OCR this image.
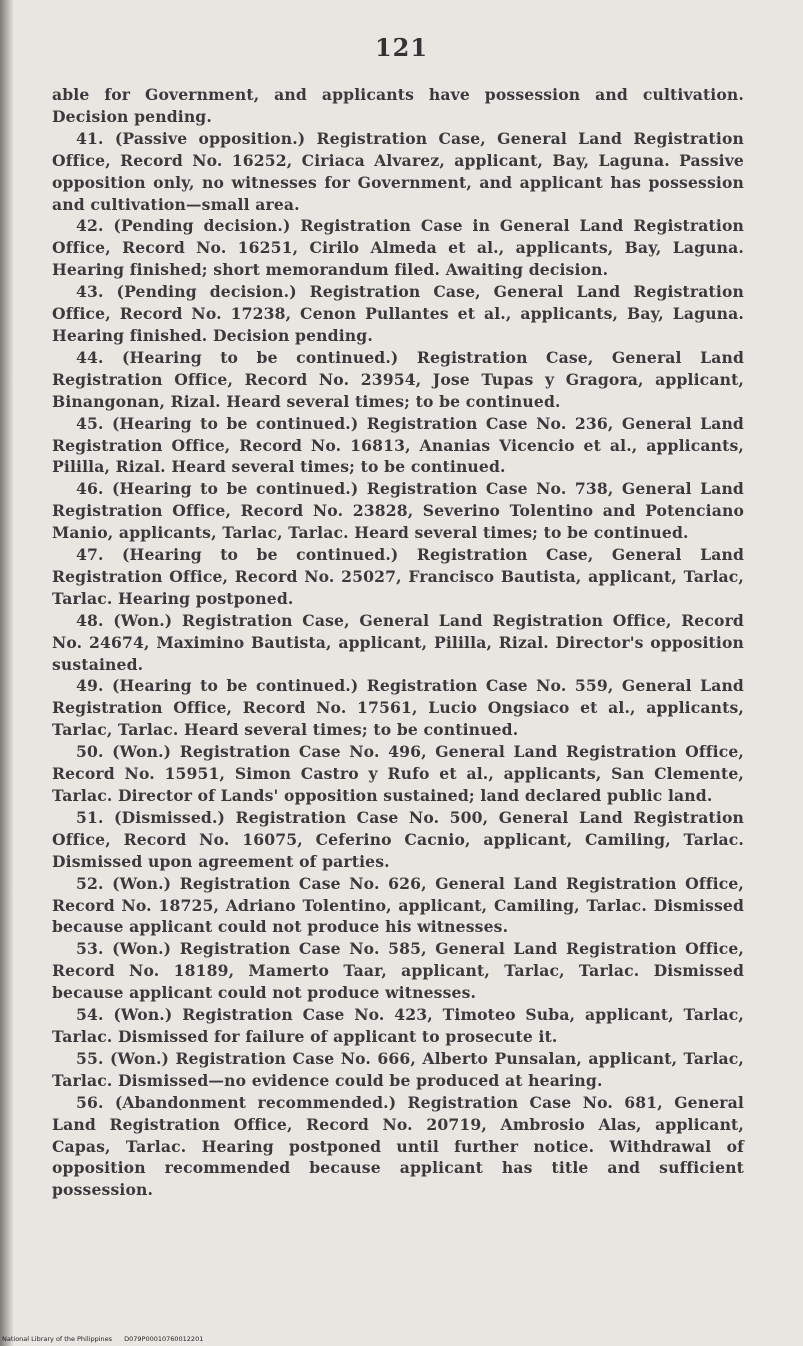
121

able for Government, and applicants have possession and cultivation. Decision pending.

41. (Passive opposition.) Registration Case, General Land Registration Office, Record No. 16252, Ciriaca Alvarez, applicant, Bay, Laguna. Passive opposition only, no witnesses for Government, and applicant has possession and cultivation—small area.

42. (Pending decision.) Registration Case in General Land Registration Office, Record No. 16251, Cirilo Almeda et al., applicants, Bay, Laguna. Hearing finished; short memorandum filed. Awaiting decision.

43. (Pending decision.) Registration Case, General Land Registration Office, Record No. 17238, Cenon Pullantes et al., applicants, Bay, Laguna. Hearing finished. Decision pending.

44. (Hearing to be continued.) Registration Case, General Land Registration Office, Record No. 23954, Jose Tupas y Gragora, applicant, Binangonan, Rizal. Heard several times; to be continued.

45. (Hearing to be continued.) Registration Case No. 236, General Land Registration Office, Record No. 16813, Ananias Vicencio et al., applicants, Pililla, Rizal. Heard several times; to be continued.

46. (Hearing to be continued.) Registration Case No. 738, General Land Registration Office, Record No. 23828, Severino Tolentino and Potenciano Manio, applicants, Tarlac, Tarlac. Heard several times; to be continued.

47. (Hearing to be continued.) Registration Case, General Land Registration Office, Record No. 25027, Francisco Bautista, applicant, Tarlac, Tarlac. Hearing postponed.

48. (Won.) Registration Case, General Land Registration Office, Record No. 24674, Maximino Bautista, applicant, Pililla, Rizal. Director's opposition sustained.

49. (Hearing to be continued.) Registration Case No. 559, General Land Registration Office, Record No. 17561, Lucio Ongsiaco et al., applicants, Tarlac, Tarlac. Heard several times; to be continued.

50. (Won.) Registration Case No. 496, General Land Registration Office, Record No. 15951, Simon Castro y Rufo et al., applicants, San Clemente, Tarlac. Director of Lands' opposition sustained; land declared public land.

51. (Dismissed.) Registration Case No. 500, General Land Registration Office, Record No. 16075, Ceferino Cacnio, applicant, Camiling, Tarlac. Dismissed upon agreement of parties.

52. (Won.) Registration Case No. 626, General Land Registration Office, Record No. 18725, Adriano Tolentino, applicant, Camiling, Tarlac. Dismissed because applicant could not produce his witnesses.

53. (Won.) Registration Case No. 585, General Land Registration Office, Record No. 18189, Mamerto Taar, applicant, Tarlac, Tarlac. Dismissed because applicant could not produce witnesses.

54. (Won.) Registration Case No. 423, Timoteo Suba, applicant, Tarlac, Tarlac. Dismissed for failure of applicant to prosecute it.

55. (Won.) Registration Case No. 666, Alberto Punsalan, applicant, Tarlac, Tarlac. Dismissed—no evidence could be produced at hearing.

56. (Abandonment recommended.) Registration Case No. 681, General Land Registration Office, Record No. 20719, Ambrosio Alas, applicant, Capas, Tarlac. Hearing postponed until further notice. Withdrawal of opposition recommended because applicant has title and sufficient possession.

National Library of the Philippines D079P00010760012201
